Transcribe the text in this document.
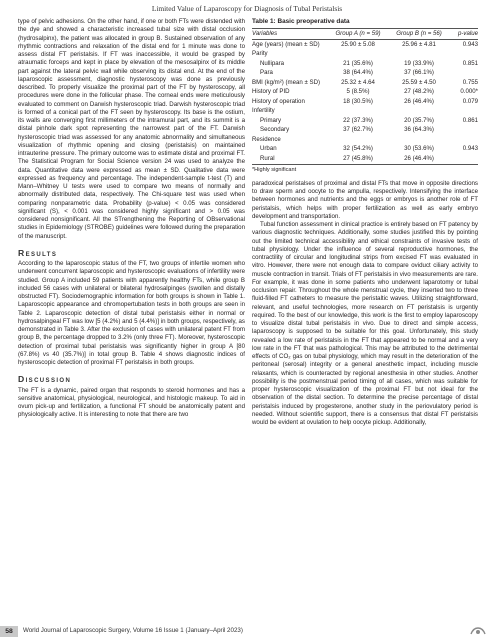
Limited Value of Laparoscopy for Diagnosis of Tubal Peristalsis

type of pelvic adhesions. On the other hand, if one or both FTs were distended with the dye and showed a characteristic increased tubal size with distal occlusion (hydrosalpinx), the patient was allocated in group B. Sustained observation of any rhythmic contractions and relaxation of the distal end for 1 minute was done to assess distal FT peristalsis. If FT was inaccessible, it would be grasped by atraumatic forceps and kept in place by elevation of the mesosalpinx of its middle part against the lateral pelvic wall while observing its distal end. At the end of the laparoscopic assessment, diagnostic hysteroscopy was done as previously described. To properly visualize the proximal part of the FT by hysteroscopy, all procedures were done in the follicular phase. The corneal ends were meticulously evaluated to comment on Darwish hysteroscopic triad. Darwish hysteroscopic triad is formed of a conical part of the FT seen by hysteroscopy. Its base is the ostium, its walls are converging first millimeters of the intramural part, and its summit is a distal pinhole dark spot representing the narrowest part of the FT. Darwish hysteroscopic triad was assessed for any anatomic abnormality and simultaneous visualization of rhythmic opening and closing (peristalsis) on maintained intrauterine pressure. The primary outcome was to estimate distal and proximal FT. The Statistical Program for Social Science version 24 was used to analyze the data. Quantitative data were expressed as mean ± SD. Qualitative data were expressed as frequency and percentage. The independent-sample t-test (T) and Mann–Whitney U tests were used to compare two means of normally and abnormally distributed data, respectively. The Chi-square test was used when comparing nonparametric data. Probability (p-value) < 0.05 was considered significant (S), < 0.001 was considered highly significant and > 0.05 was considered nonsignificant. All the STrengthening the Reporting of OBservational studies in Epidemiology (STROBE) guidelines were followed during the preparation of the manuscript.

Results

According to the laparoscopic status of the FT, two groups of infertile women who underwent concurrent laparoscopic and hysteroscopic evaluations of infertility were studied. Group A included 59 patients with apparently healthy FTs, while group B included 56 cases with unilateral or bilateral hydrosalpinges (swollen and distally obstructed FT). Sociodemographic information for both groups is shown in Table 1. Laparoscopic appearance and chromopertubation tests in both groups are seen in Table 2. Laparoscopic detection of distal tubal peristalsis either in normal or hydrosalpingeal FT was low [5 (4.2%) and 5 (4.4%)] in both groups, respectively, as demonstrated in Table 3. After the exclusion of cases with unilateral patent FT from group B, the percentage dropped to 3.2% (only three FT). Moreover, hysteroscopic detection of proximal tubal peristalsis was significantly higher in group A [80 (67.8%) vs 40 (35.7%)] in total group B. Table 4 shows diagnostic indices of hysteroscopic detection of proximal FT peristalsis in both groups.

Discussion

The FT is a dynamic, paired organ that responds to steroid hormones and has a sensitive anatomical, physiological, neurological, and histologic makeup. To aid in ovum pick-up and fertilization, a functional FT should be anatomically patent and physiologically active. It is interesting to note that there are two

Table 1: Basic preoperative data
Variables	Group A (n = 59)	Group B (n = 56)	p-value
Age (years) (mean ± SD)	25.90 ± 5.08	25.96 ± 4.81	0.943
Parity			
Nullipara	21 (35.6%)	19 (33.9%)	0.851
Para	38 (64.4%)	37 (66.1%)	
BMI (kg/m²) (mean ± SD)	25.32 ± 4.64	25.59 ± 4.50	0.755
History of PID	5 (8.5%)	27 (48.2%)	0.000*
History of operation	18 (30.5%)	26 (46.4%)	0.079
Infertility			
Primary	22 (37.3%)	20 (35.7%)	0.861
Secondary	37 (62.7%)	36 (64.3%)	
Residence			
Urban	32 (54.2%)	30 (53.6%)	0.943
Rural	27 (45.8%)	26 (46.4%)	
*Highly significant

paradoxical peristalses of proximal and distal FTs that move in opposite directions to draw sperm and oocyte to the ampulla, respectively. Intensifying the interface between hormones and nutrients and the eggs or embryos is another role of FT peristalsis, which helps with proper fertilization as well as early embryo development and transportation.

Tubal function assessment in clinical practice is entirely based on FT patency by various diagnostic techniques. Additionally, some studies justified this by pointing out the limited technical accessibility and ethical constraints of invasive tests of tubal physiology. Under the influence of several reproductive hormones, the contractility of circular and longitudinal strips from excised FT was evaluated in vitro. However, there were not enough data to compare oviduct ciliary activity to muscle contraction in transit. Trials of FT peristalsis in vivo measurements are rare. For example, it was done in some patients who underwent laparotomy or tubal occlusion repair. Throughout the whole menstrual cycle, they inserted two to three fluid-filled FT catheters to measure the peristaltic waves. Utilizing straightforward, relevant, and useful technologies, more research on FT peristalsis is urgently required. To the best of our knowledge, this work is the first to employ laparoscopy to visualize distal tubal peristalsis in vivo. Due to direct and simple access, laparoscopy is supposed to be suitable for this goal. Unfortunately, this study revealed a low rate of peristalsis in the FT that appeared to be normal and a very low rate in the FT that was pathological. This may be attributed to the detrimental effects of CO₂ gas on tubal physiology, which may result in the deterioration of the peritoneal (serosal) integrity or a general anesthetic impact, including muscle relaxants, which is counteracted by regional anesthesia in other studies. Another possibility is the postmenstrual period timing of all cases, which was suitable for proper hysteroscopic visualization of the proximal FT but not ideal for the observation of the distal section. To determine the precise percentage of distal peristalsis induced by progesterone, another study in the periovulatory period is needed. Without scientific support, there is a consensus that distal FT peristalsis would be evident at ovulation to help oocyte pickup. Additionally,

58	World Journal of Laparoscopic Surgery, Volume 16 Issue 1 (January–April 2023)
